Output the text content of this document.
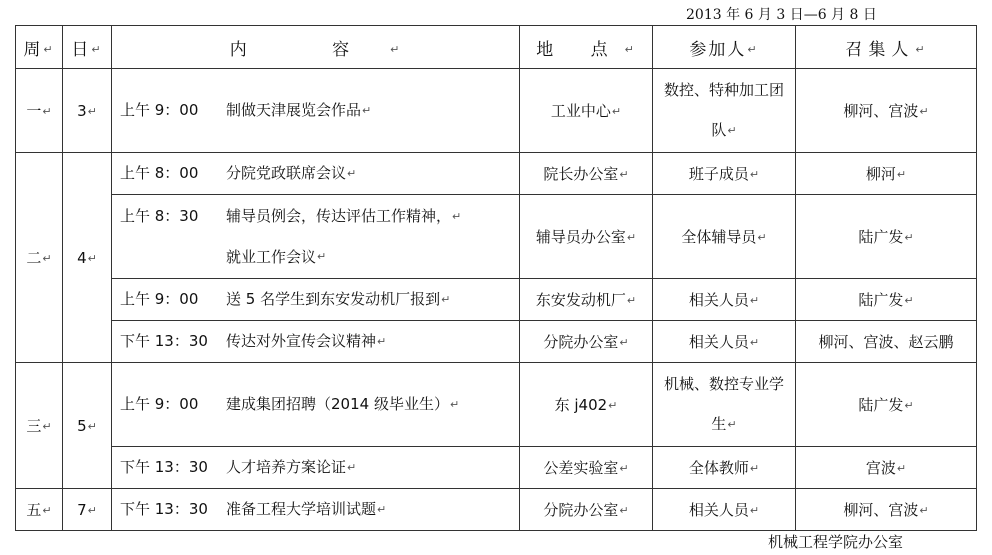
2013 年 6 月 3 日—6 月 8 日
周↵	日↵	内 容↵	地 点↵	参加人↵	召集人↵
一↵	3↵	上午 9：00 制做天津展览会作品↵	工业中心↵	数控、特种加工团队↵	柳河、宫波↵
二↵	4↵	上午 8：00 分院党政联席会议↵	院长办公室↵	班子成员↵	柳河↵

		上午 8：30 辅导员例会，传达评估工作精神，↵
就业工作会议↵	辅导员办公室↵	全体辅导员↵	陆广发↵

		上午 9：00 送 5 名学生到东安发动机厂报到↵	东安发动机厂↵	相关人员↵	陆广发↵

		下午 13：30 传达对外宣传会议精神↵	分院办公室↵	相关人员↵	柳河、宫波、赵云鹏
三↵	5↵	上午 9：00 建成集团招聘（2014 级毕业生）↵	东 j402↵	机械、数控专业学生↵	陆广发↵

		下午 13：30 人才培养方案论证↵	公差实验室↵	全体教师↵	宫波↵
五↵	7↵	下午 13：30 准备工程大学培训试题↵	分院办公室↵	相关人员↵	柳河、宫波↵
机械工程学院办公室
